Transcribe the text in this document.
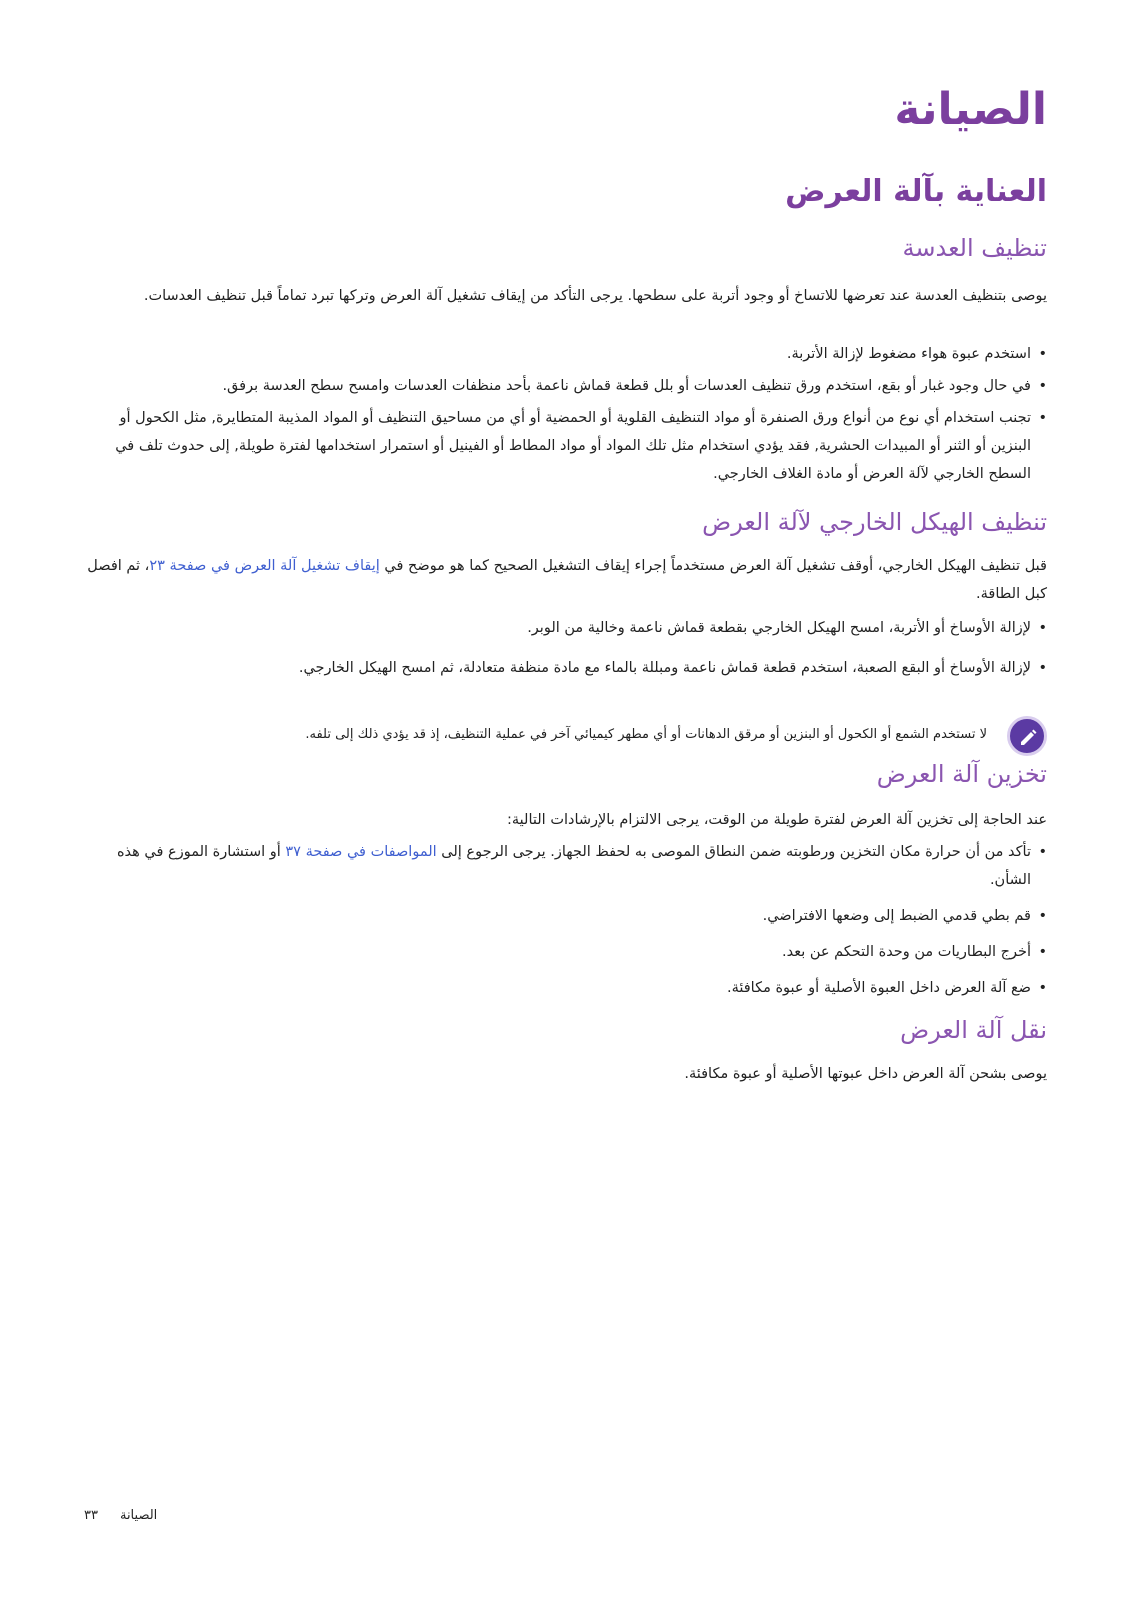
الصيانة
العناية بآلة العرض
تنظيف العدسة

يوصى بتنظيف العدسة عند تعرضها للاتساخ أو وجود أتربة على سطحها. يرجى التأكد من إيقاف تشغيل آلة العرض وتركها تبرد تماماً قبل تنظيف العدسات.

• استخدم عبوة هواء مضغوط لإزالة الأتربة.
• في حال وجود غبار أو بقع، استخدم ورق تنظيف العدسات أو بلل قطعة قماش ناعمة بأحد منظفات العدسات وامسح سطح العدسة برفق.
• تجنب استخدام أي نوع من أنواع ورق الصنفرة أو مواد التنظيف القلوية أو الحمضية أو أي من مساحيق التنظيف أو المواد المذيبة المتطايرة, مثل الكحول أو البنزين أو الثنر أو المبيدات الحشرية, فقد يؤدي استخدام مثل تلك المواد أو مواد المطاط أو الفينيل أو استمرار استخدامها لفترة طويلة, إلى حدوث تلف في السطح الخارجي لآلة العرض أو مادة الغلاف الخارجي.
تنظيف الهيكل الخارجي لآلة العرض

قبل تنظيف الهيكل الخارجي، أوقف تشغيل آلة العرض مستخدماً إجراء إيقاف التشغيل الصحيح كما هو موضح في إيقاف تشغيل آلة العرض في صفحة ٢٣، ثم افصل كبل الطاقة.

• لإزالة الأوساخ أو الأتربة، امسح الهيكل الخارجي بقطعة قماش ناعمة وخالية من الوبر.
• لإزالة الأوساخ أو البقع الصعبة، استخدم قطعة قماش ناعمة ومبللة بالماء مع مادة منظفة متعادلة، ثم امسح الهيكل الخارجي.

لا تستخدم الشمع أو الكحول أو البنزين أو مرقق الدهانات أو أي مطهر كيميائي آخر في عملية التنظيف، إذ قد يؤدي ذلك إلى تلفه.

تخزين آلة العرض

عند الحاجة إلى تخزين آلة العرض لفترة طويلة من الوقت، يرجى الالتزام بالإرشادات التالية:

• تأكد من أن حرارة مكان التخزين ورطوبته ضمن النطاق الموصى به لحفظ الجهاز. يرجى الرجوع إلى المواصفات في صفحة ٣٧ أو استشارة الموزع في هذه الشأن.
• قم بطي قدمي الضبط إلى وضعها الافتراضي.
• أخرج البطاريات من وحدة التحكم عن بعد.
• ضع آلة العرض داخل العبوة الأصلية أو عبوة مكافئة.
نقل آلة العرض

يوصى بشحن آلة العرض داخل عبوتها الأصلية أو عبوة مكافئة.

الصيانة٣٣
